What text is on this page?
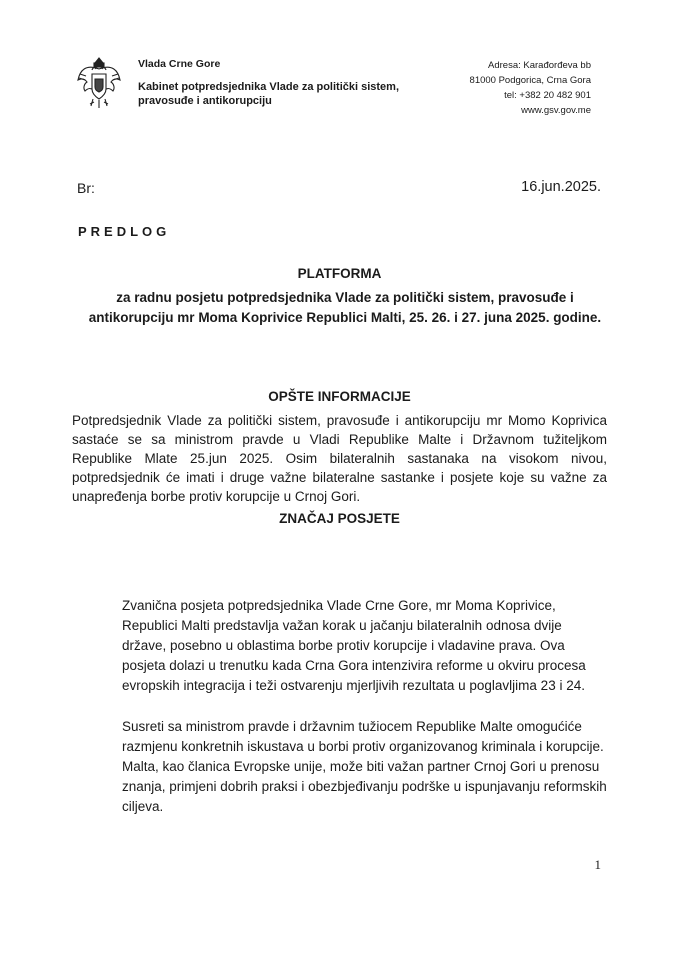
Vlada Crne Gore
Kabinet potpredsjednika Vlade za politički sistem,
pravosuđe i antikorupciju
Adresa: Karađorđeva bb
81000 Podgorica, Crna Gora
tel: +382 20 482 901
www.gsv.gov.me
Br:	16.jun.2025.
PREDLOG
PLATFORMA
za radnu posjetu potpredsjednika Vlade za politički sistem, pravosuđe i antikorupciju mr Moma Koprivice Republici Malti, 25. 26. i 27. juna 2025. godine.
OPŠTE INFORMACIJE
Potpredsjednik Vlade za politički sistem, pravosuđe i antikorupciju mr Momo Koprivica sastaće se sa ministrom pravde u Vladi Republike Malte i Državnom tužiteljkom Republike Mlate 25.jun 2025. Osim bilateralnih sastanaka na visokom nivou, potpredsjednik će imati i druge važne bilateralne sastanke i posjete koje su važne za unapređenja borbe protiv korupcije u Crnoj Gori.
ZNAČAJ POSJETE
Zvanična posjeta potpredsjednika Vlade Crne Gore, mr Moma Koprivice, Republici Malti predstavlja važan korak u jačanju bilateralnih odnosa dvije države, posebno u oblastima borbe protiv korupcije i vladavine prava. Ova posjeta dolazi u trenutku kada Crna Gora intenzivira reforme u okviru procesa evropskih integracija i teži ostvarenju mjerljivih rezultata u poglavljima 23 i 24.
Susreti sa ministrom pravde i državnim tužiocem Republike Malte omogućiće razmjenu konkretnih iskustava u borbi protiv organizovanog kriminala i korupcije. Malta, kao članica Evropske unije, može biti važan partner Crnoj Gori u prenosu znanja, primjeni dobrih praksi i obezbjeđivanju podrške u ispunjavanju reformskih ciljeva.
1
